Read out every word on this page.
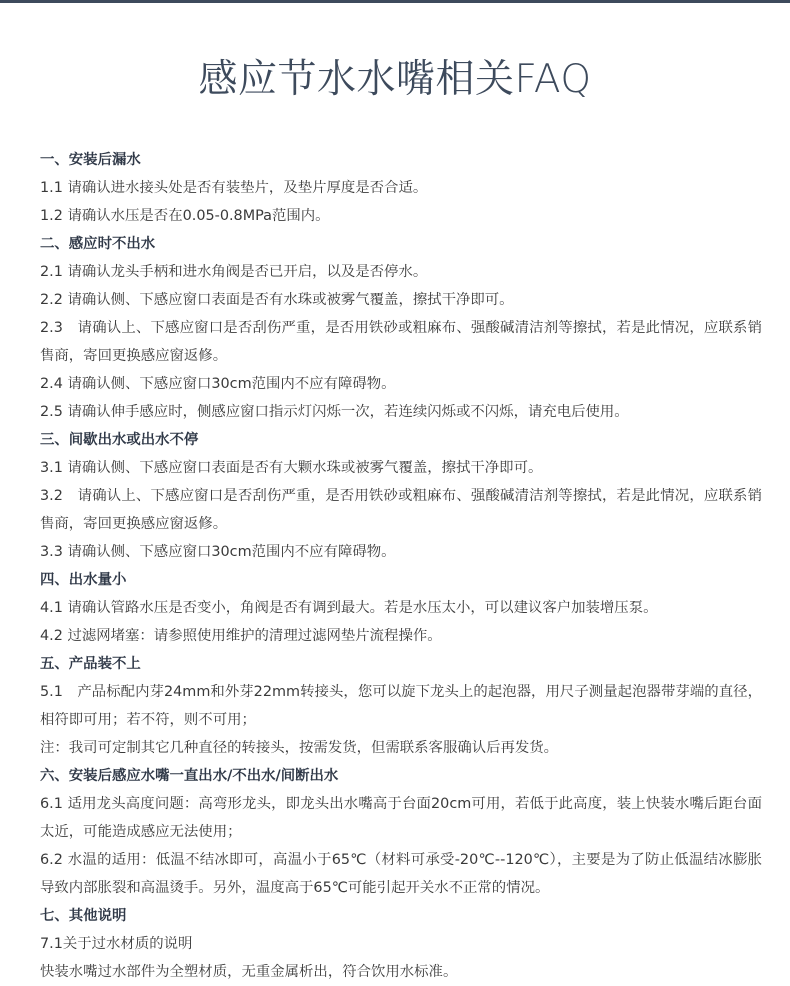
感应节水水嘴相关FAQ
一、安装后漏水
1.1 请确认进水接头处是否有装垫片，及垫片厚度是否合适。
1.2 请确认水压是否在0.05-0.8MPa范围内。
二、感应时不出水
2.1 请确认龙头手柄和进水角阀是否已开启，以及是否停水。
2.2 请确认侧、下感应窗口表面是否有水珠或被雾气覆盖，擦拭干净即可。
2.3　请确认上、下感应窗口是否刮伤严重，是否用铁砂或粗麻布、强酸碱清洁剂等擦拭，若是此情况，应联系销售商，寄回更换感应窗返修。
2.4 请确认侧、下感应窗口30cm范围内不应有障碍物。
2.5 请确认伸手感应时，侧感应窗口指示灯闪烁一次，若连续闪烁或不闪烁，请充电后使用。
三、间歇出水或出水不停
3.1 请确认侧、下感应窗口表面是否有大颗水珠或被雾气覆盖，擦拭干净即可。
3.2　请确认上、下感应窗口是否刮伤严重，是否用铁砂或粗麻布、强酸碱清洁剂等擦拭，若是此情况，应联系销售商，寄回更换感应窗返修。
3.3 请确认侧、下感应窗口30cm范围内不应有障碍物。
四、出水量小
4.1 请确认管路水压是否变小，角阀是否有调到最大。若是水压太小，可以建议客户加装增压泵。
4.2 过滤网堵塞：请参照使用维护的清理过滤网垫片流程操作。
五、产品装不上
5.1　产品标配内芽24mm和外芽22mm转接头，您可以旋下龙头上的起泡器，用尺子测量起泡器带芽端的直径，相符即可用；若不符，则不可用；
注：我司可定制其它几种直径的转接头，按需发货，但需联系客服确认后再发货。
六、安装后感应水嘴一直出水/不出水/间断出水
6.1 适用龙头高度问题：高弯形龙头，即龙头出水嘴高于台面20cm可用，若低于此高度，装上快装水嘴后距台面太近，可能造成感应无法使用；
6.2 水温的适用：低温不结冰即可，高温小于65℃（材料可承受-20℃--120℃），主要是为了防止低温结冰膨胀导致内部胀裂和高温烫手。另外，温度高于65℃可能引起开关水不正常的情况。
七、其他说明
7.1关于过水材质的说明
快装水嘴过水部件为全塑材质，无重金属析出，符合饮用水标准。
